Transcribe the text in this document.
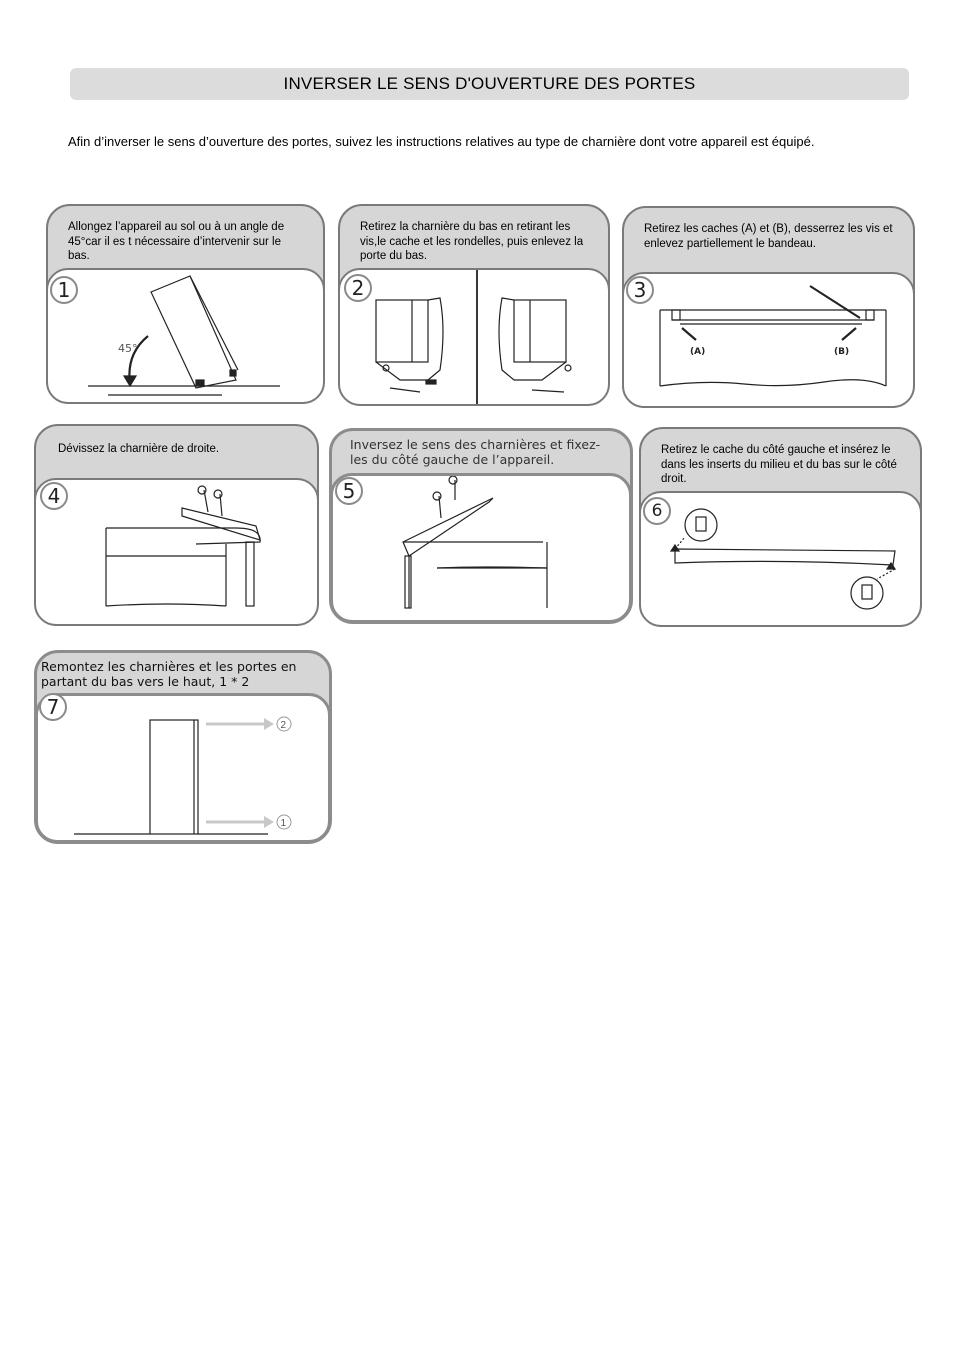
INVERSER LE SENS D'OUVERTURE DES PORTES
Afin d’inverser le sens d’ouverture des portes, suivez les instructions relatives au type de charnière dont votre appareil est équipé.
Allongez l’appareil au sol ou à un angle de 45°car il es t nécessaire d’intervenir sur le bas.
45°
1
Retirez la charnière du bas en retirant les vis,le cache et les rondelles, puis enlevez la porte du bas.
2
Retirez les caches (A) et (B), desserrez les vis et enlevez partiellement le bandeau.
(A)	(B)
3
Dévissez la charnière de droite.
4
Inversez le sens des charnières et fixez-les du côté gauche de l’appareil.
5
Retirez le cache du côté gauche et insérez le dans les inserts du milieu et du bas sur le côté droit.
6
Remontez les charnières et les portes en partant du bas vers le haut, 1 * 2
2
1
7
